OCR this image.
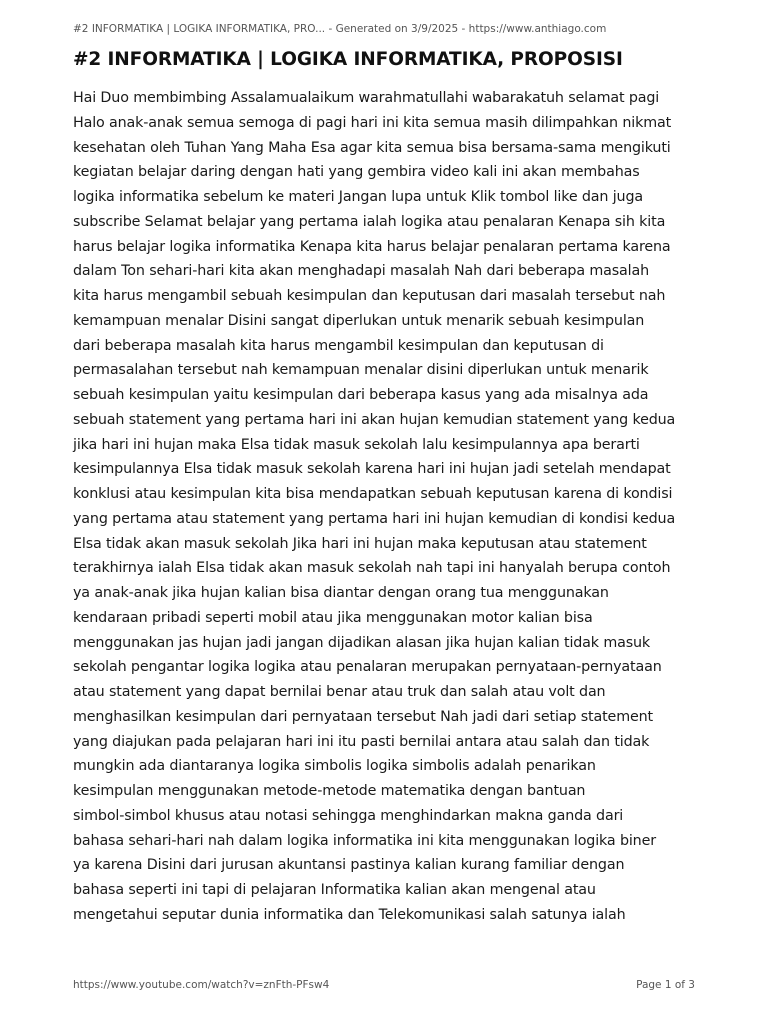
#2 INFORMATIKA | LOGIKA INFORMATIKA, PRO... - Generated on 3/9/2025 - https://www.anthiago.com
#2 INFORMATIKA | LOGIKA INFORMATIKA, PROPOSISI
Hai Duo membimbing Assalamualaikum warahmatullahi wabarakatuh selamat pagi
Halo anak-anak semua semoga di pagi hari ini kita semua masih dilimpahkan nikmat
kesehatan oleh Tuhan Yang Maha Esa agar kita semua bisa bersama-sama mengikuti
kegiatan belajar daring dengan hati yang gembira video kali ini akan membahas
logika informatika sebelum ke materi Jangan lupa untuk Klik tombol like dan juga
subscribe Selamat belajar yang pertama ialah logika atau penalaran Kenapa sih kita
harus belajar logika informatika Kenapa kita harus belajar penalaran pertama karena
dalam Ton sehari-hari kita akan menghadapi masalah Nah dari beberapa masalah
kita harus mengambil sebuah kesimpulan dan keputusan dari masalah tersebut nah
kemampuan menalar Disini sangat diperlukan untuk menarik sebuah kesimpulan
dari beberapa masalah kita harus mengambil kesimpulan dan keputusan di
permasalahan tersebut nah kemampuan menalar disini diperlukan untuk menarik
sebuah kesimpulan yaitu kesimpulan dari beberapa kasus yang ada misalnya ada
sebuah statement yang pertama hari ini akan hujan kemudian statement yang kedua
jika hari ini hujan maka Elsa tidak masuk sekolah lalu kesimpulannya apa berarti
kesimpulannya Elsa tidak masuk sekolah karena hari ini hujan jadi setelah mendapat
konklusi atau kesimpulan kita bisa mendapatkan sebuah keputusan karena di kondisi
yang pertama atau statement yang pertama hari ini hujan kemudian di kondisi kedua
Elsa tidak akan masuk sekolah Jika hari ini hujan maka keputusan atau statement
terakhirnya ialah Elsa tidak akan masuk sekolah nah tapi ini hanyalah berupa contoh
ya anak-anak jika hujan kalian bisa diantar dengan orang tua menggunakan
kendaraan pribadi seperti mobil atau jika menggunakan motor kalian bisa
menggunakan jas hujan jadi jangan dijadikan alasan jika hujan kalian tidak masuk
sekolah pengantar logika logika atau penalaran merupakan pernyataan-pernyataan
atau statement yang dapat bernilai benar atau truk dan salah atau volt dan
menghasilkan kesimpulan dari pernyataan tersebut Nah jadi dari setiap statement
yang diajukan pada pelajaran hari ini itu pasti bernilai antara atau salah dan tidak
mungkin ada diantaranya logika simbolis logika simbolis adalah penarikan
kesimpulan menggunakan metode-metode matematika dengan bantuan
simbol-simbol khusus atau notasi sehingga menghindarkan makna ganda dari
bahasa sehari-hari nah dalam logika informatika ini kita menggunakan logika biner
ya karena Disini dari jurusan akuntansi pastinya kalian kurang familiar dengan
bahasa seperti ini tapi di pelajaran Informatika kalian akan mengenal atau
mengetahui seputar dunia informatika dan Telekomunikasi salah satunya ialah
https://www.youtube.com/watch?v=znFth-PFsw4	Page 1 of 3
